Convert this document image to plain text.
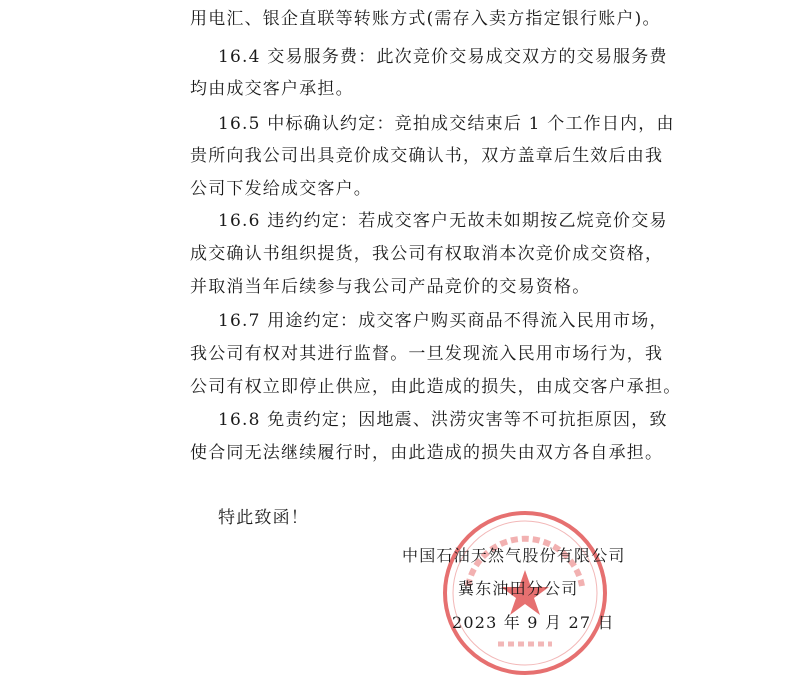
用电汇、银企直联等转账方式(需存入卖方指定银行账户)。
16.4 交易服务费：此次竞价交易成交双方的交易服务费
均由成交客户承担。
16.5 中标确认约定：竞拍成交结束后 1 个工作日内，由
贵所向我公司出具竞价成交确认书，双方盖章后生效后由我
公司下发给成交客户。
16.6 违约约定：若成交客户无故未如期按乙烷竞价交易
成交确认书组织提货，我公司有权取消本次竞价成交资格，
并取消当年后续参与我公司产品竞价的交易资格。
16.7 用途约定：成交客户购买商品不得流入民用市场，
我公司有权对其进行监督。一旦发现流入民用市场行为，我
公司有权立即停止供应，由此造成的损失，由成交客户承担。
16.8 免责约定；因地震、洪涝灾害等不可抗拒原因，致
使合同无法继续履行时，由此造成的损失由双方各自承担。
特此致函！
中国石油天然气股份有限公司
冀东油田分公司
2023 年 9 月 27 日
